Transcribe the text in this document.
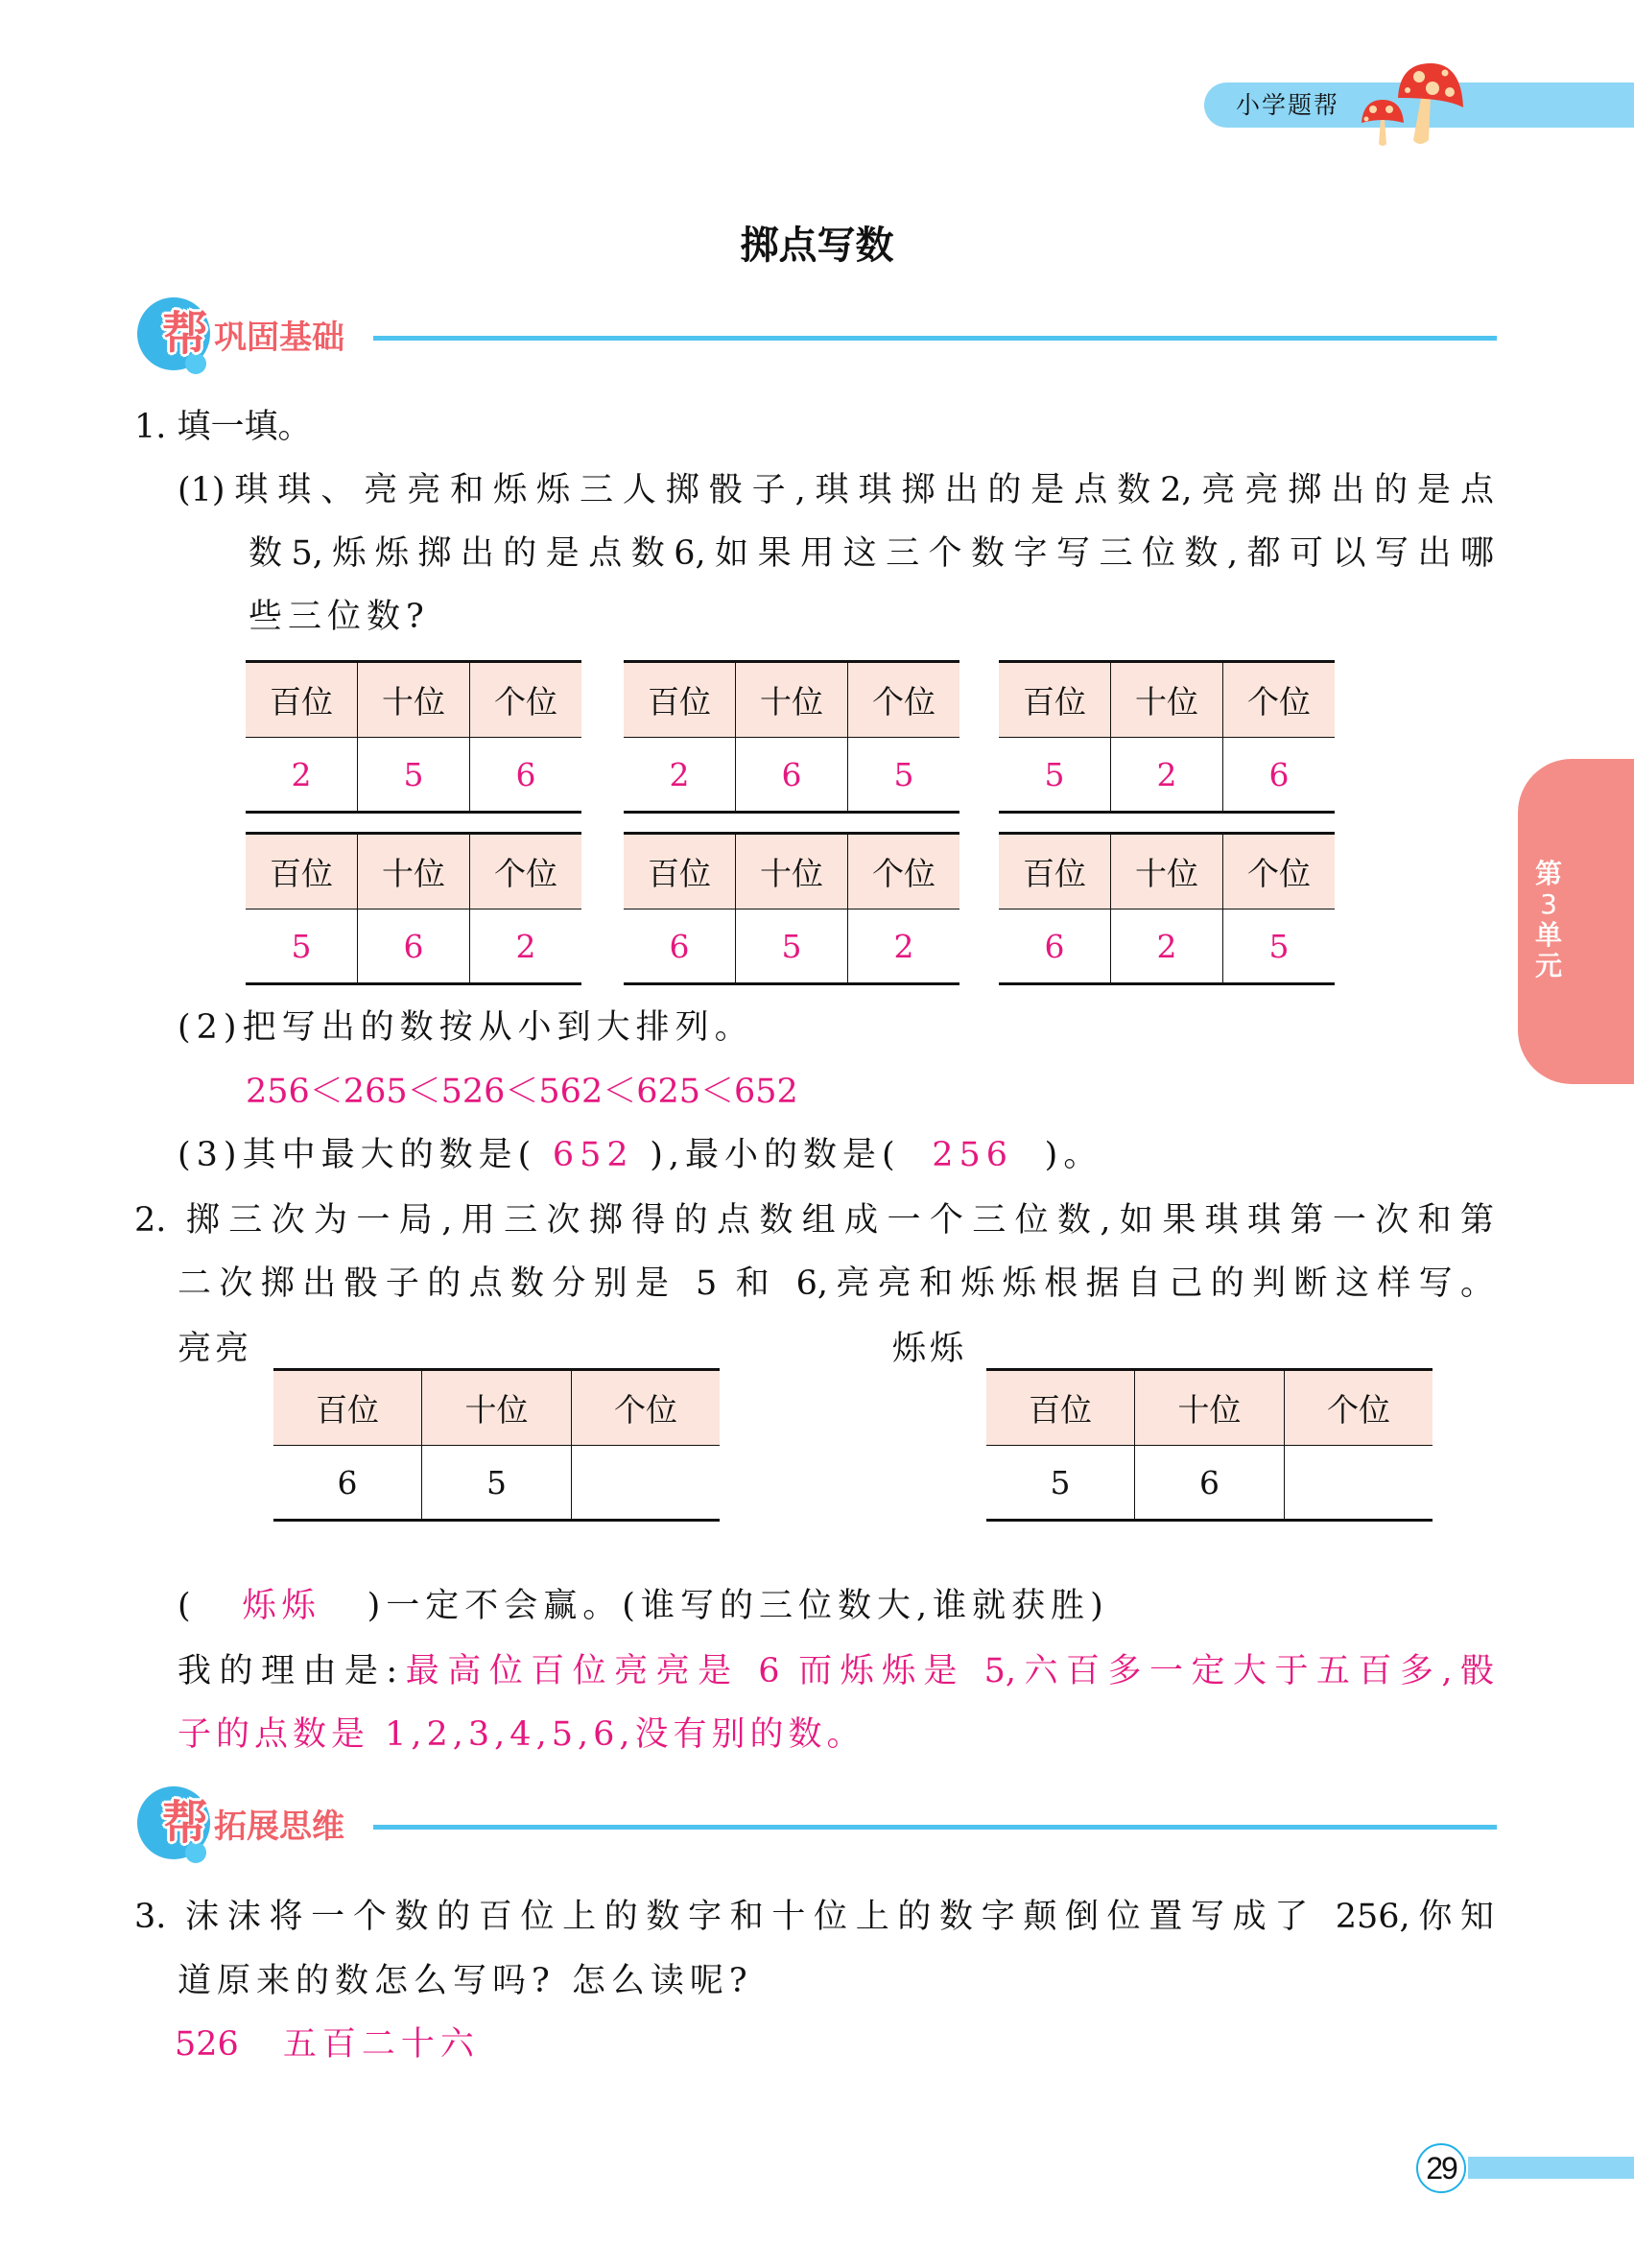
小学题帮
掷点写数
帮 巩固基础
1. 填一填。
(1)琪琪、亮亮和烁烁三人掷骰子,琪琪掷出的是点数2,亮亮掷出的是点
数5,烁烁掷出的是点数6,如果用这三个数字写三位数,都可以写出哪
些三位数?
百位	十位	个位
2	5	6
百位	十位	个位
2	6	5
百位	十位	个位
5	2	6
百位	十位	个位
5	6	2
百位	十位	个位
6	5	2
百位	十位	个位
6	2	5
(2)把写出的数按从小到大排列。
256＜265＜526＜562＜625＜652
(3)其中最大的数是( 652 ),最小的数是( 256 )。
2. 掷三次为一局,用三次掷得的点数组成一个三位数,如果琪琪第一次和第
二次掷出骰子的点数分别是 5 和 6,亮亮和烁烁根据自己的判断这样写。
亮亮
百位	十位	个位
6	5	
烁烁
百位	十位	个位
5	6	
( 烁烁 )一定不会赢。(谁写的三位数大,谁就获胜)
我的理由是:最高位百位亮亮是 6 而烁烁是 5,六百多一定大于五百多,骰
子的点数是 1,2,3,4,5,6,没有别的数。
帮 拓展思维
3. 沫沫将一个数的百位上的数字和十位上的数字颠倒位置写成了 256,你知
道原来的数怎么写吗? 怎么读呢?
526 五百二十六
第
3
单
元
29
